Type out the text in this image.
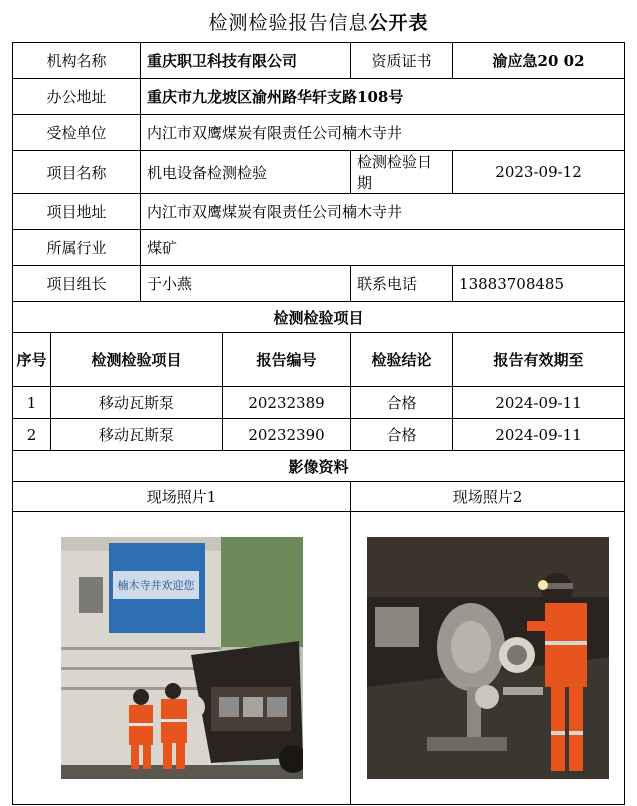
检测检验报告信息公开表
机构名称		重庆职卫科技有限公司		资质证书	渝应急20 02
办公地址		重庆市九龙坡区渝州路华轩支路108号			
受检单位		内江市双鹰煤炭有限责任公司楠木寺井			
项目名称		机电设备检测检验		检测检验日期	2023-09-12
项目地址		内江市双鹰煤炭有限责任公司楠木寺井			
所属行业		煤矿			
项目组长		于小燕		联系电话	13883708485
检测检验项目					
序号	检测检验项目		报告编号	检验结论	报告有效期至
1	移动瓦斯泵		20232389	合格	2024-09-11
2	移动瓦斯泵		20232390	合格	2024-09-11
影像资料					
现场照片1				现场照片2	

楠木寺井欢迎您
